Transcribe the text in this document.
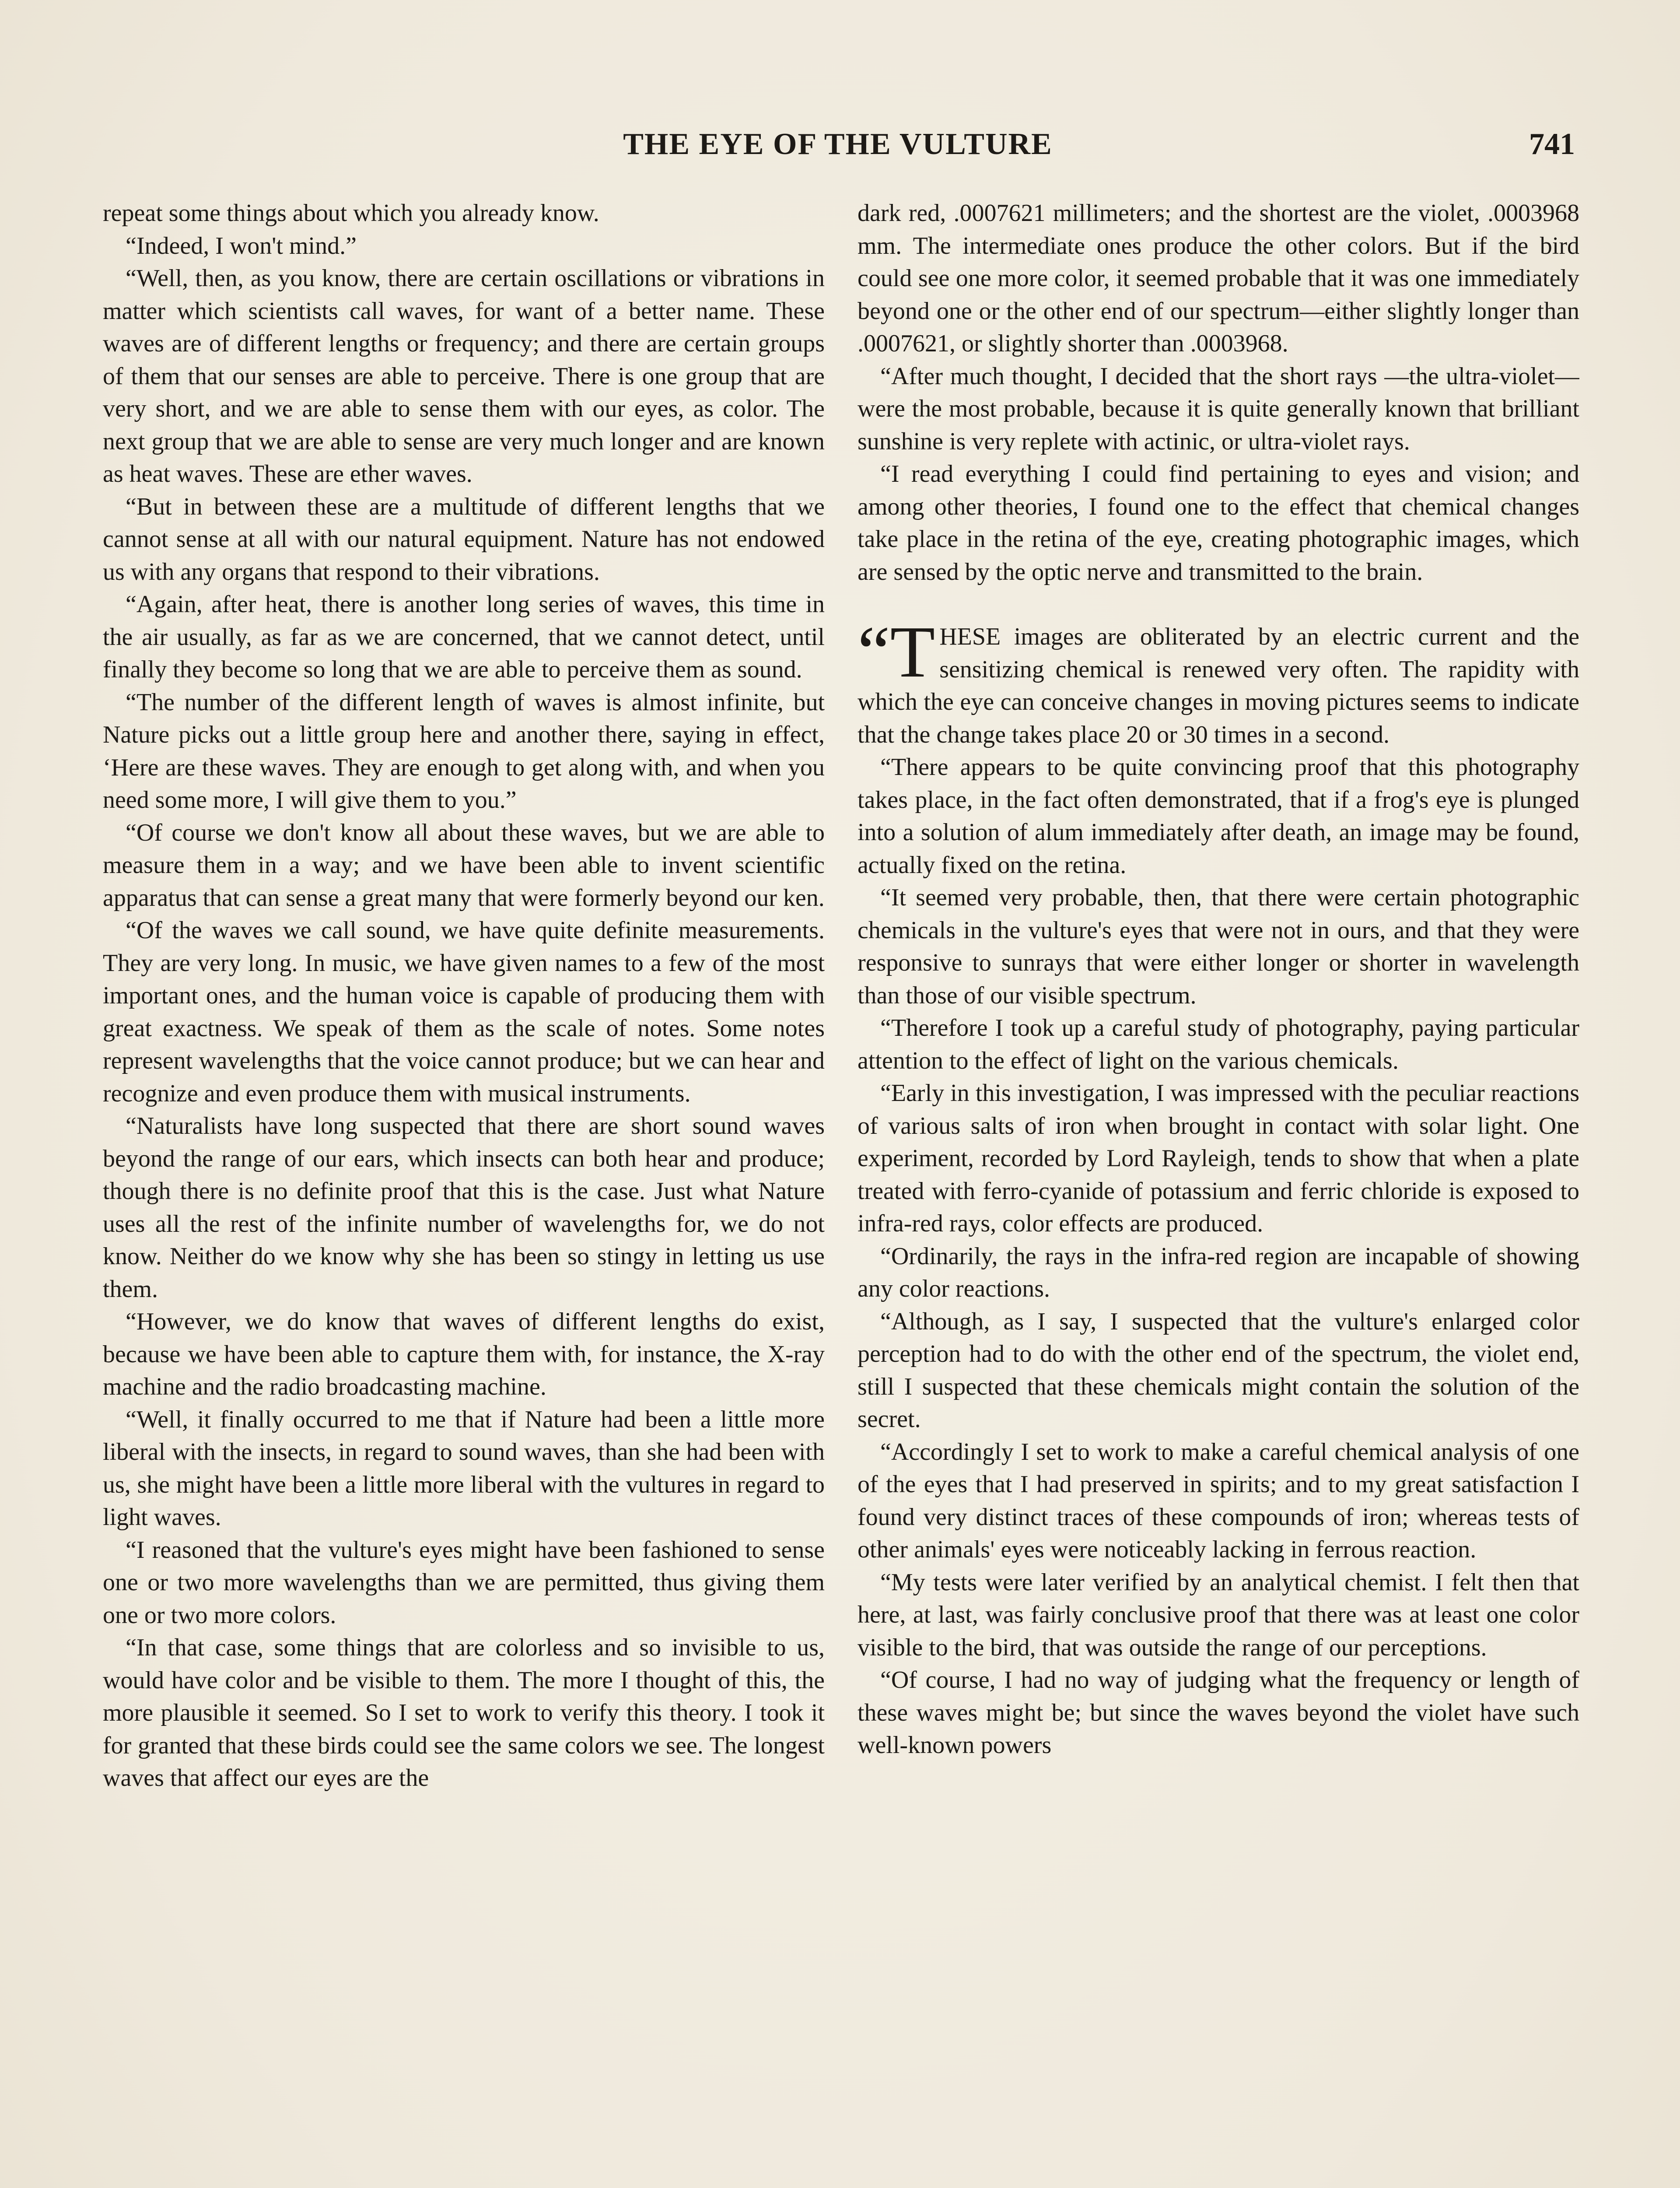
THE EYE OF THE VULTURE	741

repeat some things about which you already know.

“Indeed, I won't mind.”

“Well, then, as you know, there are certain oscillations or vibrations in matter which scientists call waves, for want of a better name. These waves are of different lengths or frequency; and there are certain groups of them that our senses are able to perceive. There is one group that are very short, and we are able to sense them with our eyes, as color. The next group that we are able to sense are very much longer and are known as heat waves. These are ether waves.

“But in between these are a multitude of different lengths that we cannot sense at all with our natural equipment. Nature has not endowed us with any organs that respond to their vibrations.

“Again, after heat, there is another long series of waves, this time in the air usually, as far as we are concerned, that we cannot detect, until finally they become so long that we are able to perceive them as sound.

“The number of the different length of waves is almost infinite, but Nature picks out a little group here and another there, saying in effect, ‘Here are these waves. They are enough to get along with, and when you need some more, I will give them to you.”

“Of course we don't know all about these waves, but we are able to measure them in a way; and we have been able to invent scientific apparatus that can sense a great many that were formerly beyond our ken.

“Of the waves we call sound, we have quite definite measurements. They are very long. In music, we have given names to a few of the most important ones, and the human voice is capable of producing them with great exactness. We speak of them as the scale of notes. Some notes represent wavelengths that the voice cannot produce; but we can hear and recognize and even produce them with musical instruments.

“Naturalists have long suspected that there are short sound waves beyond the range of our ears, which insects can both hear and produce; though there is no definite proof that this is the case. Just what Nature uses all the rest of the infinite number of wavelengths for, we do not know. Neither do we know why she has been so stingy in letting us use them.

“However, we do know that waves of different lengths do exist, because we have been able to capture them with, for instance, the X-ray machine and the radio broadcasting machine.

“Well, it finally occurred to me that if Nature had been a little more liberal with the insects, in regard to sound waves, than she had been with us, she might have been a little more liberal with the vultures in regard to light waves.

“I reasoned that the vulture's eyes might have been fashioned to sense one or two more wavelengths than we are permitted, thus giving them one or two more colors.

“In that case, some things that are colorless and so invisible to us, would have color and be visible to them. The more I thought of this, the more plausible it seemed. So I set to work to verify this theory. I took it for granted that these birds could see the same colors we see. The longest waves that affect our eyes are the

dark red, .0007621 millimeters; and the shortest are the violet, .0003968 mm. The intermediate ones produce the other colors. But if the bird could see one more color, it seemed probable that it was one immediately beyond one or the other end of our spectrum—either slightly longer than .0007621, or slightly shorter than .0003968.

“After much thought, I decided that the short rays —the ultra-violet—were the most probable, because it is quite generally known that brilliant sunshine is very replete with actinic, or ultra-violet rays.

“I read everything I could find pertaining to eyes and vision; and among other theories, I found one to the effect that chemical changes take place in the retina of the eye, creating photographic images, which are sensed by the optic nerve and transmitted to the brain.

“T HESE images are obliterated by an electric current and the sensitizing chemical is renewed very often. The rapidity with which the eye can conceive changes in moving pictures seems to indicate that the change takes place 20 or 30 times in a second.

“There appears to be quite convincing proof that this photography takes place, in the fact often demonstrated, that if a frog's eye is plunged into a solution of alum immediately after death, an image may be found, actually fixed on the retina.

“It seemed very probable, then, that there were certain photographic chemicals in the vulture's eyes that were not in ours, and that they were responsive to sunrays that were either longer or shorter in wavelength than those of our visible spectrum.

“Therefore I took up a careful study of photography, paying particular attention to the effect of light on the various chemicals.

“Early in this investigation, I was impressed with the peculiar reactions of various salts of iron when brought in contact with solar light. One experiment, recorded by Lord Rayleigh, tends to show that when a plate treated with ferro-cyanide of potassium and ferric chloride is exposed to infra-red rays, color effects are produced.

“Ordinarily, the rays in the infra-red region are incapable of showing any color reactions.

“Although, as I say, I suspected that the vulture's enlarged color perception had to do with the other end of the spectrum, the violet end, still I suspected that these chemicals might contain the solution of the secret.

“Accordingly I set to work to make a careful chemical analysis of one of the eyes that I had preserved in spirits; and to my great satisfaction I found very distinct traces of these compounds of iron; whereas tests of other animals' eyes were noticeably lacking in ferrous reaction.

“My tests were later verified by an analytical chemist. I felt then that here, at last, was fairly conclusive proof that there was at least one color visible to the bird, that was outside the range of our perceptions.

“Of course, I had no way of judging what the frequency or length of these waves might be; but since the waves beyond the violet have such well-known powers
